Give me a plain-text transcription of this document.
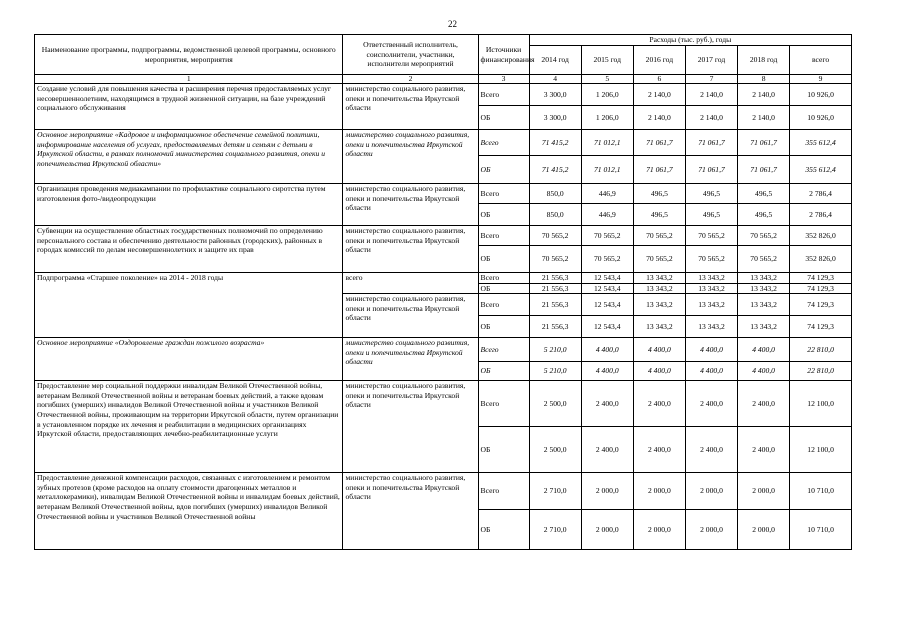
22
Наименование программы, подпрограммы, ведомственной целевой программы, основного мероприятия, мероприятия	Ответственный исполнитель, соисполнители, участники, исполнители мероприятий	Источники финансирования	Расходы (тыс. руб.), годы					
			2014 год	2015 год	2016 год	2017 год	2018 год	всего
1	2	3	4	5	6	7	8	9
Создание условий для повышения качества и расширения перечня предоставляемых услуг несовершеннолетним, находящимся в трудной жизненной ситуации, на базе учреждений социального обслуживания	министерство социального развития, опеки и попечительства Иркутской области	Всего	3 300,0	1 206,0	2 140,0	2 140,0	2 140,0	10 926,0
		ОБ	3 300,0	1 206,0	2 140,0	2 140,0	2 140,0	10 926,0
Основное мероприятие «Кадровое и информационное обеспечение семейной политики, информирование населения об услугах, предоставляемых детям и семьям с детьми в Иркутской области, в рамках полномочий министерства социального развития, опеки и попечительства Иркутской области»	министерство социального развития, опеки и попечительства Иркутской области	Всего	71 415,2	71 012,1	71 061,7	71 061,7	71 061,7	355 612,4
		ОБ	71 415,2	71 012,1	71 061,7	71 061,7	71 061,7	355 612,4
Организация проведения медиакампании по профилактике социального сиротства путем изготовления фото-/видеопродукции	министерство социального развития, опеки и попечительства Иркутской области	Всего	850,0	446,9	496,5	496,5	496,5	2 786,4
		ОБ	850,0	446,9	496,5	496,5	496,5	2 786,4
Субвенции на осуществление областных государственных полномочий по определению персонального состава и обеспечению деятельности районных (городских), районных в городах комиссий по делам несовершеннолетних и защите их прав	министерство социального развития, опеки и попечительства Иркутской области	Всего	70 565,2	70 565,2	70 565,2	70 565,2	70 565,2	352 826,0
		ОБ	70 565,2	70 565,2	70 565,2	70 565,2	70 565,2	352 826,0
Подпрограмма «Старшее поколение» на 2014 - 2018 годы	всего	Всего	21 556,3	12 543,4	13 343,2	13 343,2	13 343,2	74 129,3
		ОБ	21 556,3	12 543,4	13 343,2	13 343,2	13 343,2	74 129,3
	министерство социального развития, опеки и попечительства Иркутской области	Всего	21 556,3	12 543,4	13 343,2	13 343,2	13 343,2	74 129,3
		ОБ	21 556,3	12 543,4	13 343,2	13 343,2	13 343,2	74 129,3
Основное мероприятие «Оздоровление граждан пожилого возраста»	министерство социального развития, опеки и попечительства Иркутской области	Всего	5 210,0	4 400,0	4 400,0	4 400,0	4 400,0	22 810,0
		ОБ	5 210,0	4 400,0	4 400,0	4 400,0	4 400,0	22 810,0
Предоставление мер социальной поддержки инвалидам Великой Отечественной войны, ветеранам Великой Отечественной войны и ветеранам боевых действий, а также вдовам погибших (умерших) инвалидов Великой Отечественной войны и участников Великой Отечественной войны, проживающим на территории Иркутской области, путем организации в установленном порядке их лечения и реабилитации в медицинских организациях Иркутской области, предоставляющих лечебно-реабилитационные услуги	министерство социального развития, опеки и попечительства Иркутской области	Всего	2 500,0	2 400,0	2 400,0	2 400,0	2 400,0	12 100,0
		ОБ	2 500,0	2 400,0	2 400,0	2 400,0	2 400,0	12 100,0
Предоставление денежной компенсации расходов, связанных с изготовлением и ремонтом зубных протезов (кроме расходов на оплату стоимости драгоценных металлов и металлокерамики), инвалидам Великой Отечественной войны и инвалидам боевых действий, ветеранам Великой Отечественной войны, вдов погибших (умерших) инвалидов Великой Отечественной войны и участников Великой Отечественной войны	министерство социального развития, опеки и попечительства Иркутской области	Всего	2 710,0	2 000,0	2 000,0	2 000,0	2 000,0	10 710,0
		ОБ	2 710,0	2 000,0	2 000,0	2 000,0	2 000,0	10 710,0
